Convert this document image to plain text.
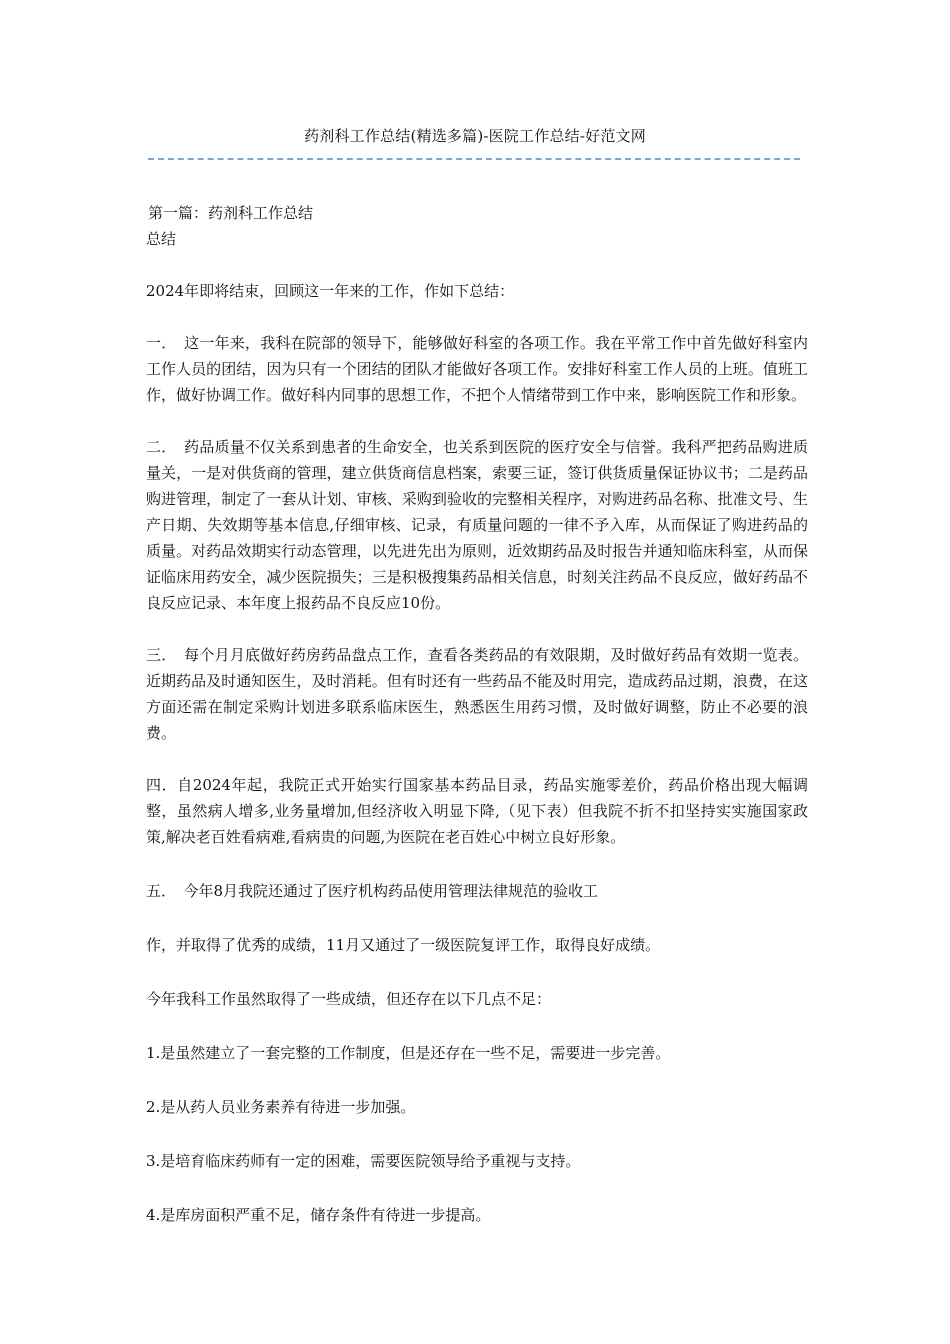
药剂科工作总结(精选多篇)-医院工作总结-好范文网

第一篇：药剂科工作总结

总结

2024年即将结束，回顾这一年来的工作，作如下总结：

一．　这一年来，我科在院部的领导下，能够做好科室的各项工作。我在平常工作中首先做好科室内工作人员的团结，因为只有一个团结的团队才能做好各项工作。安排好科室工作人员的上班。值班工作，做好协调工作。做好科内同事的思想工作，不把个人情绪带到工作中来，影响医院工作和形象。

二．　药品质量不仅关系到患者的生命安全，也关系到医院的医疗安全与信誉。我科严把药品购进质量关，一是对供货商的管理，建立供货商信息档案，索要三证，签订供货质量保证协议书；二是药品购进管理，制定了一套从计划、审核、采购到验收的完整相关程序，对购进药品名称、批准文号、生产日期、失效期等基本信息,仔细审核、记录，有质量问题的一律不予入库，从而保证了购进药品的质量。对药品效期实行动态管理，以先进先出为原则，近效期药品及时报告并通知临床科室，从而保证临床用药安全，减少医院损失；三是积极搜集药品相关信息，时刻关注药品不良反应，做好药品不良反应记录、本年度上报药品不良反应10份。

三．　每个月月底做好药房药品盘点工作，查看各类药品的有效限期，及时做好药品有效期一览表。近期药品及时通知医生，及时消耗。但有时还有一些药品不能及时用完，造成药品过期，浪费，在这方面还需在制定采购计划进多联系临床医生，熟悉医生用药习惯，及时做好调整，防止不必要的浪费。

四．自2024年起，我院正式开始实行国家基本药品目录，药品实施零差价，药品价格出现大幅调整，虽然病人增多,业务量增加,但经济收入明显下降,（见下表）但我院不折不扣坚持实实施国家政策,解决老百姓看病难,看病贵的问题,为医院在老百姓心中树立良好形象。

五．　今年8月我院还通过了医疗机构药品使用管理法律规范的验收工

作，并取得了优秀的成绩，11月又通过了一级医院复评工作，取得良好成绩。

今年我科工作虽然取得了一些成绩，但还存在以下几点不足：

1.是虽然建立了一套完整的工作制度，但是还存在一些不足，需要进一步完善。

2.是从药人员业务素养有待进一步加强。

3.是培育临床药师有一定的困难，需要医院领导给予重视与支持。

4.是库房面积严重不足，储存条件有待进一步提高。
